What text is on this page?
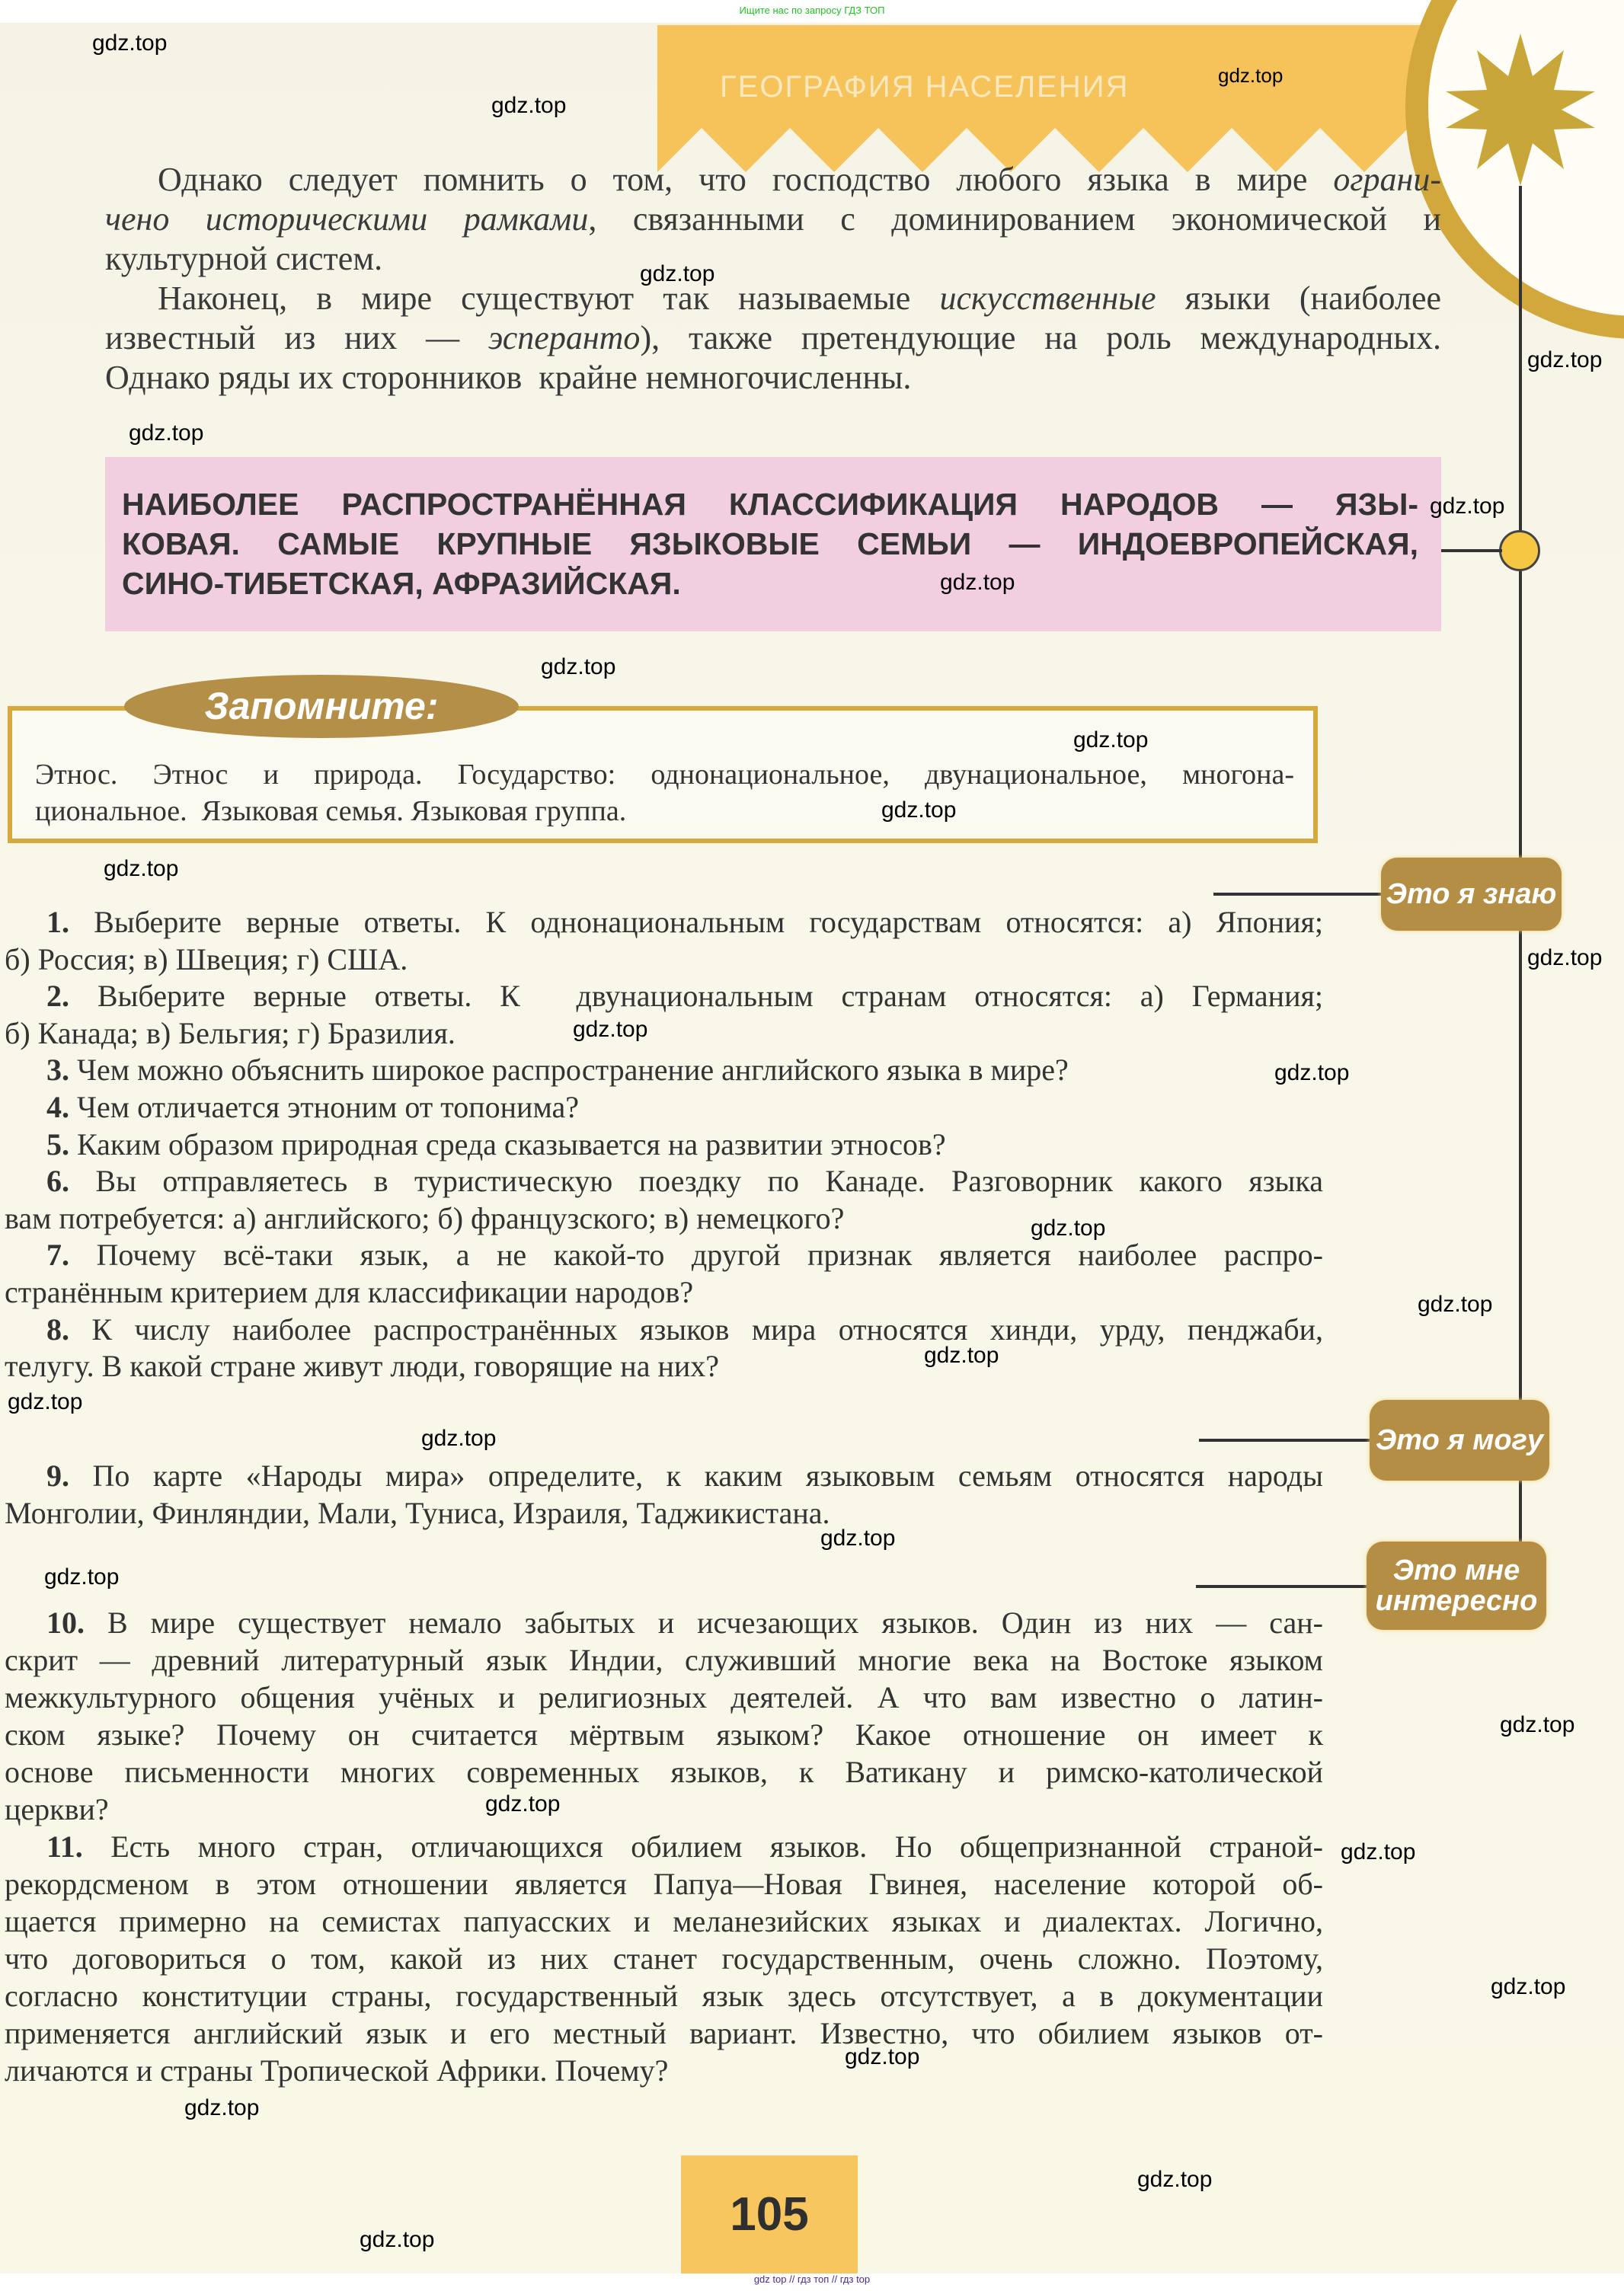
Ищите нас по запросу ГДЗ ТОП
ГЕОГРАФИЯ НАСЕЛЕНИЯ
Однако следует помнить о том, что господство любого языка в мире ограни-
чено историческими рамками, связанными с доминированием экономической и
культурной систем.
Наконец, в мире существуют так называемые искусственные языки (наиболее
известный из них — эсперанто), также претендующие на роль международных.
Однако ряды их сторонников  крайне немногочисленны.
НАИБОЛЕЕ РАСПРОСТРАНЁННАЯ КЛАССИФИКАЦИЯ НАРОДОВ — ЯЗЫ-
КОВАЯ. САМЫЕ КРУПНЫЕ ЯЗЫКОВЫЕ СЕМЬИ — ИНДОЕВРОПЕЙСКАЯ,
СИНО-ТИБЕТСКАЯ, АФРАЗИЙСКАЯ.
Запомните:
Этнос. Этнос и природа. Государство: однонациональное, двунациональное, многона-
циональное.  Языковая семья. Языковая группа.
Это я знаю
1. Выберите верные ответы. К однонациональным государствам относятся: а) Япония;
б) Россия; в) Швеция; г) США.
2. Выберите верные ответы. К  двунациональным странам относятся: а) Германия;
б) Канада; в) Бельгия; г) Бразилия.
3. Чем можно объяснить широкое распространение английского языка в мире?
4. Чем отличается этноним от топонима?
5. Каким образом природная среда сказывается на развитии этносов?
6. Вы отправляетесь в туристическую поездку по Канаде. Разговорник какого языка
вам потребуется: а) английского; б) французского; в) немецкого?
7. Почему всё-таки язык, а не какой-то другой признак является наиболее распро-
странённым критерием для классификации народов?
8. К числу наиболее распространённых языков мира относятся хинди, урду, пенджаби,
телугу. В какой стране живут люди, говорящие на них?
Это я могу
9. По карте «Народы мира» определите, к каким языковым семьям относятся народы
Монголии, Финляндии, Мали, Туниса, Израиля, Таджикистана.
Это мне
интересно
10. В мире существует немало забытых и исчезающих языков. Один из них — сан-
скрит — древний литературный язык Индии, служивший многие века на Востоке языком
межкультурного общения учёных и религиозных деятелей. А что вам известно о латин-
ском языке? Почему он считается мёртвым языком? Какое отношение он имеет к
основе письменности многих современных языков, к Ватикану и римско-католической
церкви?
11. Есть много стран, отличающихся обилием языков. Но общепризнанной страной-
рекордсменом в этом отношении является Папуа—Новая Гвинея, население которой об-
щается примерно на семистах папуасских и меланезийских языках и диалектах. Логично,
что договориться о том, какой из них станет государственным, очень сложно. Поэтому,
согласно конституции страны, государственный язык здесь отсутствует, а в документации
применяется английский язык и его местный вариант. Известно, что обилием языков от-
личаются и страны Тропической Африки. Почему?
105
gdz top // гдз топ // гдз top
gdz.top
gdz.top
gdz.top
gdz.top
gdz.top
gdz.top
gdz.top
gdz.top
gdz.top
gdz.top
gdz.top
gdz.top
gdz.top
gdz.top
gdz.top
gdz.top
gdz.top
gdz.top
gdz.top
gdz.top
gdz.top
gdz.top
gdz.top
gdz.top
gdz.top
gdz.top
gdz.top
gdz.top
gdz.top
gdz.top
